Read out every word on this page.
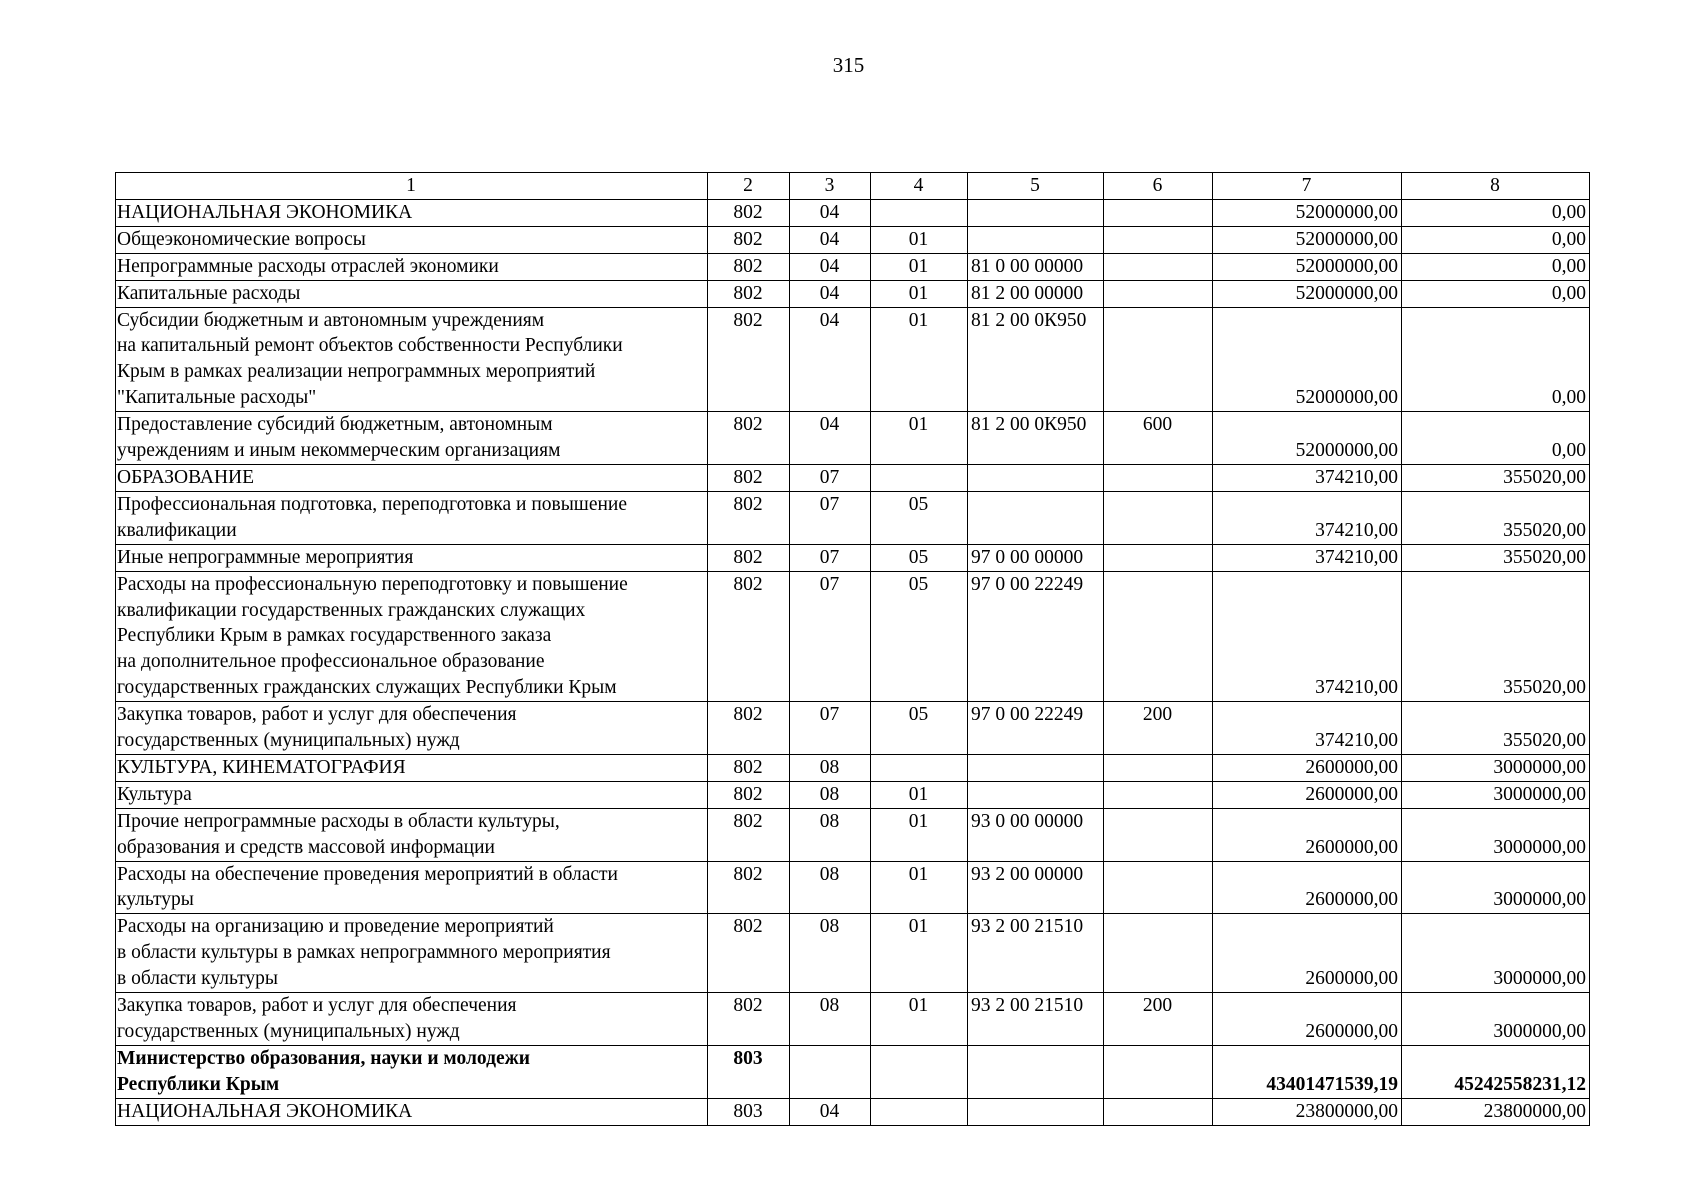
315
1	2	3	4	5	6	7	8
НАЦИОНАЛЬНАЯ ЭКОНОМИКА	802	04				52000000,00	0,00
Общеэкономические вопросы	802	04	01			52000000,00	0,00
Непрограммные расходы отраслей экономики	802	04	01	81 0 00 00000		52000000,00	0,00
Капитальные расходы	802	04	01	81 2 00 00000		52000000,00	0,00
Субсидии бюджетным и автономным учреждениям
на капитальный ремонт объектов собственности Республики
Крым в рамках реализации непрограммных мероприятий
"Капитальные расходы"	802	04	01	81 2 00 0К950		52000000,00	0,00
Предоставление субсидий бюджетным, автономным
учреждениям и иным некоммерческим организациям	802	04	01	81 2 00 0К950	600	52000000,00	0,00
ОБРАЗОВАНИЕ	802	07				374210,00	355020,00
Профессиональная подготовка, переподготовка и повышение
квалификации	802	07	05			374210,00	355020,00
Иные непрограммные мероприятия	802	07	05	97 0 00 00000		374210,00	355020,00
Расходы на профессиональную переподготовку и повышение
квалификации государственных гражданских служащих
Республики Крым в рамках государственного заказа
на дополнительное профессиональное образование
государственных гражданских служащих Республики Крым	802	07	05	97 0 00 22249		374210,00	355020,00
Закупка товаров, работ и услуг для обеспечения
государственных (муниципальных) нужд	802	07	05	97 0 00 22249	200	374210,00	355020,00
КУЛЬТУРА, КИНЕМАТОГРАФИЯ	802	08				2600000,00	3000000,00
Культура	802	08	01			2600000,00	3000000,00
Прочие непрограммные расходы в области культуры,
образования и средств массовой информации	802	08	01	93 0 00 00000		2600000,00	3000000,00
Расходы на обеспечение проведения мероприятий в области
культуры	802	08	01	93 2 00 00000		2600000,00	3000000,00
Расходы на организацию и проведение мероприятий
в области культуры в рамках непрограммного мероприятия
в области культуры	802	08	01	93 2 00 21510		2600000,00	3000000,00
Закупка товаров, работ и услуг для обеспечения
государственных (муниципальных) нужд	802	08	01	93 2 00 21510	200	2600000,00	3000000,00
Министерство образования, науки и молодежи
Республики Крым	803					43401471539,19	45242558231,12
НАЦИОНАЛЬНАЯ ЭКОНОМИКА	803	04				23800000,00	23800000,00
